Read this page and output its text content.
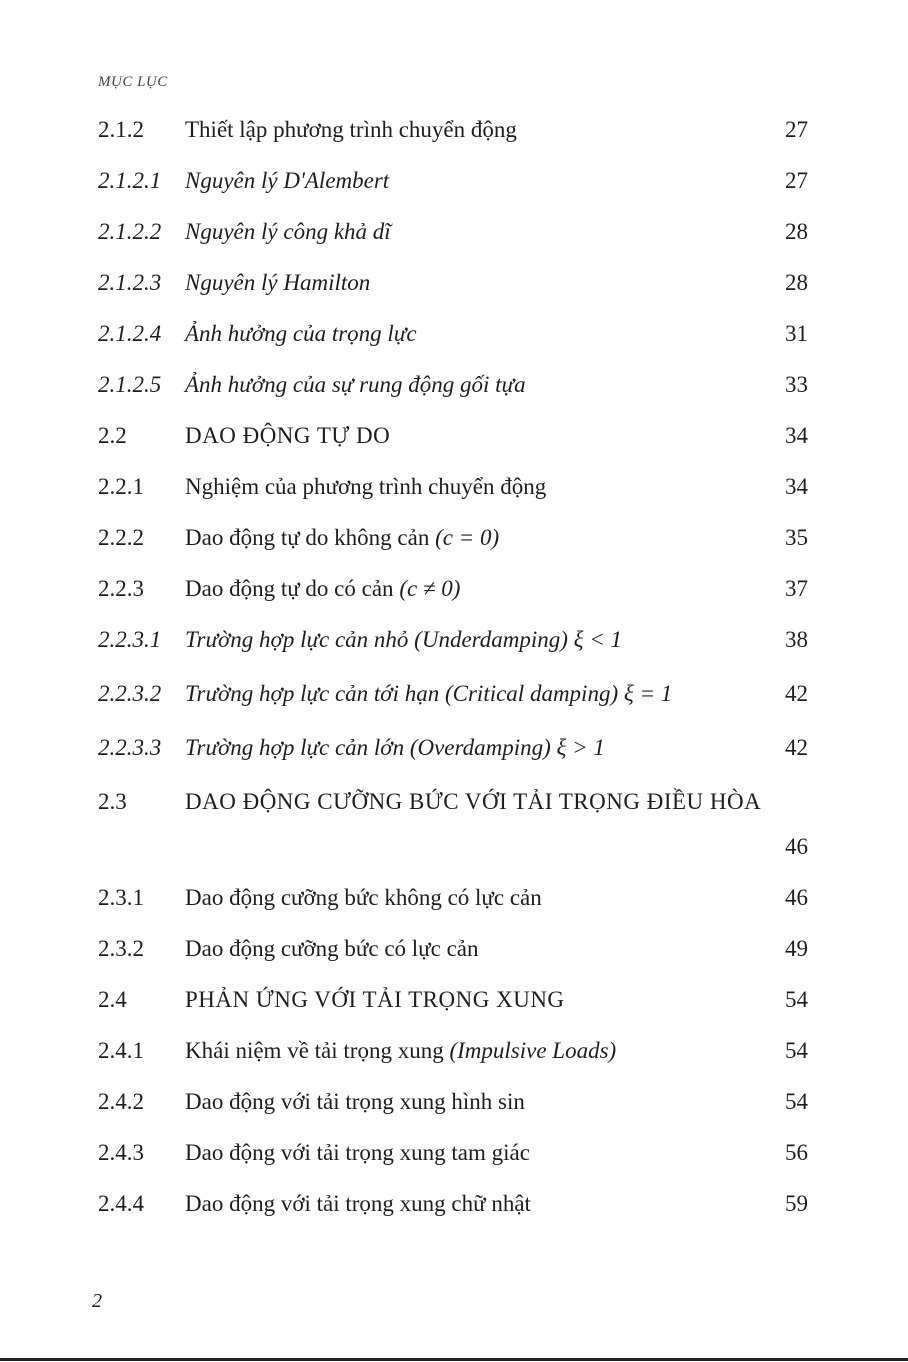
MỤC LỤC
2.1.2 Thiết lập phương trình chuyển động	27
2.1.2.1 Nguyên lý D'Alembert	27
2.1.2.2 Nguyên lý công khả dĩ	28
2.1.2.3 Nguyên lý Hamilton	28
2.1.2.4 Ảnh hưởng của trọng lực	31
2.1.2.5 Ảnh hưởng của sự rung động gối tựa	33
2.2	DAO ĐỘNG TỰ DO	34
2.2.1 Nghiệm của phương trình chuyển động	34
2.2.2 Dao động tự do không cản (c = 0)	35
2.2.3 Dao động tự do có cản (c ≠ 0)	37
2.2.3.1 Trường hợp lực cản nhỏ (Underdamping) ξ < 1	38
2.2.3.2 Trường hợp lực cản tới hạn (Critical damping) ξ = 1	42
2.2.3.3 Trường hợp lực cản lớn (Overdamping) ξ > 1	42
2.3	DAO ĐỘNG CƯỠNG BỨC VỚI TẢI TRỌNG ĐIỀU HÒA
46
2.3.1 Dao động cưỡng bức không có lực cản	46
2.3.2 Dao động cưỡng bức có lực cản	49
2.4	PHẢN ỨNG VỚI TẢI TRỌNG XUNG	54
2.4.1 Khái niệm về tải trọng xung (Impulsive Loads)	54
2.4.2 Dao động với tải trọng xung hình sin	54
2.4.3 Dao động với tải trọng xung tam giác	56
2.4.4 Dao động với tải trọng xung chữ nhật	59
2
